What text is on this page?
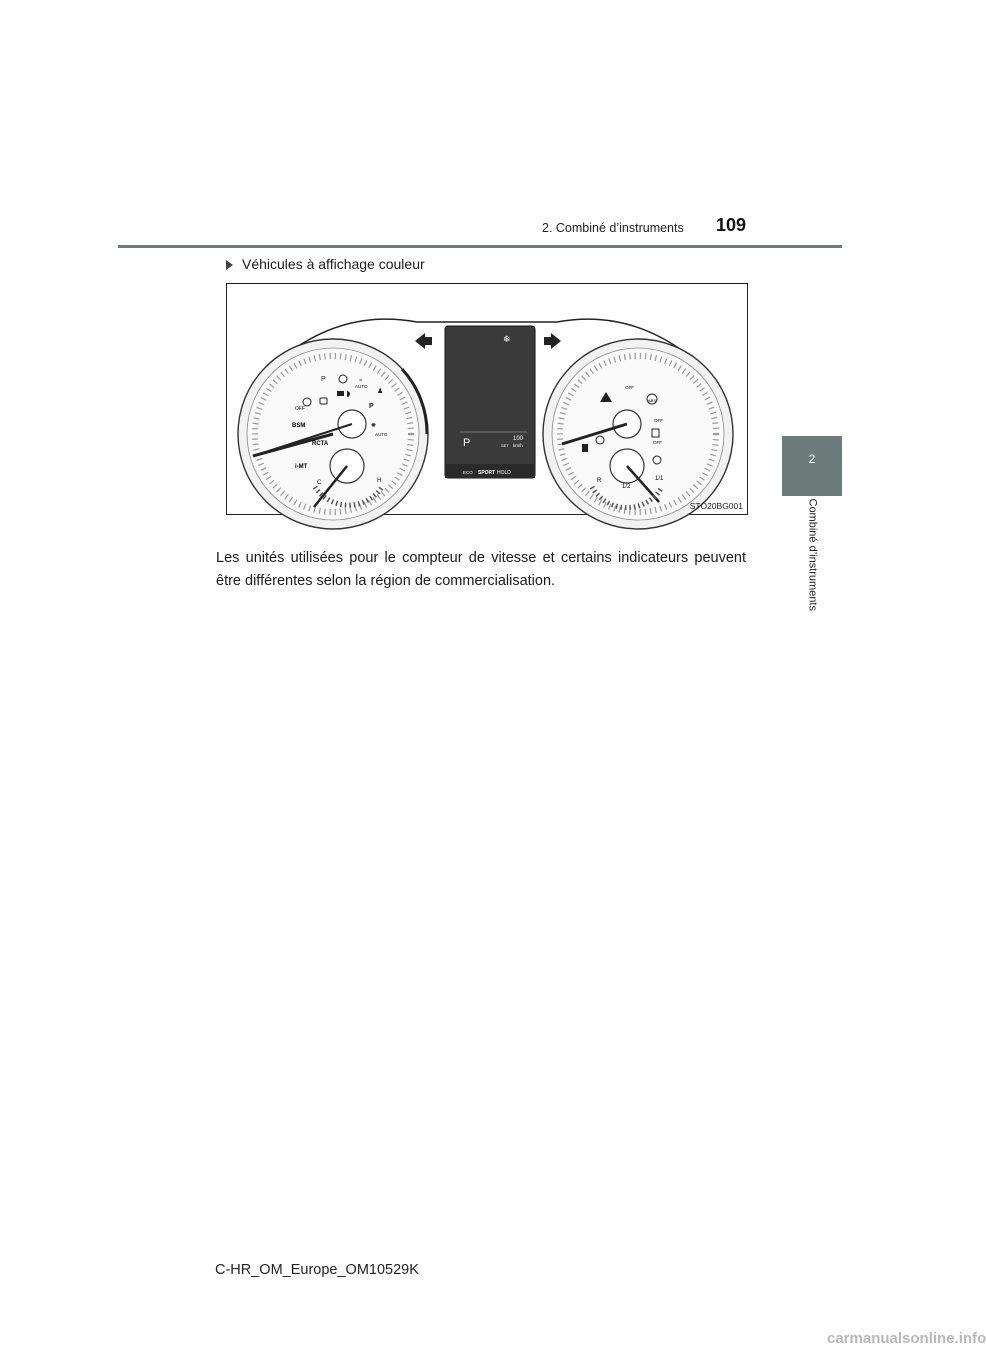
2. Combiné d’instruments 109
2
Combiné d’instruments
Véhicules à affichage couleur
OFF
BSM
RCTA
AUTO
AUTO
i-MT
C	H
P	≈
P
✺
♟
P	100
SET km/h
ECO SPORT HOLD
❄
OFF
ABS
OFF
OFF
R
1/2
1/1
STO20BG001
Les unités utilisées pour le compteur de vitesse et certains indicateurs peuvent être différentes selon la région de commercialisation.
C-HR_OM_Europe_OM10529K
carmanualsonline.info
